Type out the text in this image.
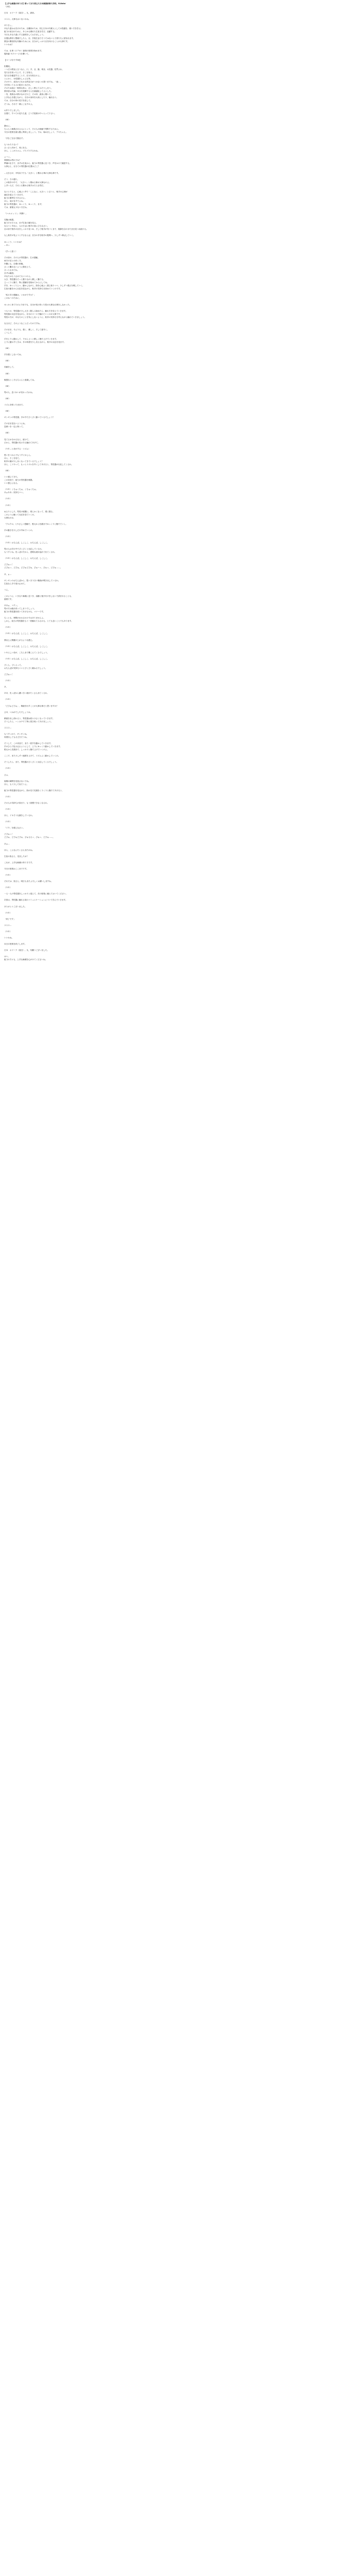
【上手な痴漢の奔り方】帰ってきた国立大日本痴漢研修大学校。R18dlu'
「予約」
日本　ホワーラ（架空）。丸、最終。
ススス。大事丸はいないわね。
ありきょ。
あなた達はお告げのため、全層西のため、同じ日本の代理人としての役割を、使い方を学ぶ。
組力の前目のために、あらゆる優れた生徒を学び、活躍する。
今日もあなた達にする説明をしておきましょう。
自慢な教材と整頓でしたら、目、学校生活でそうではないと子供たちに望まれます。
教室の開放的な実験のためには、自分がしっかり目を向けることが大事です。
いいわね？
では、仕事（ビデオ）説明の授業を始めます。
場所番 ＳＺページ1を開いて。
【ページ付ですSE】
松殿枕。
一つだけ教室に言うなら、口、手、目、脳、乗田、女性器、肛門ぶわ。
見た目を知った上で、そこを知る。
見た目を確認することで、自分を知るのよ。
とにかく、女性器をしゃぶる所。
そのやり、成功がどれか全然見当がつかないの思いますね。「意」。
分を知ってる人の総まとめだわ。
そのため組む一般的な形に、正しく教えてみたりしまう。
教育者は勿論、本分を発揮する人を最適化して人とした。
一気、貴族なの情けなのだけど、その体、最高に聞いて。
上手な心を感じながら、自分の身体を大切にしたり、触れ合う。
では、自分の体の見方を話して。
そうね、それで一緒にこなすのよ。
お作りでしました。
自慢で、すべての見たち達、どうぞ授業の中へ入って下さい。
（SE）
静かに。
ちゃんと痴漢される人にとって、その人の価値で判断するために。
今日の授業を最大限に利用しましょう。では、始めましょう、アキちゃん。
「手をご自分で掴ます」
もうわたりない？
さっさと決めて、用に出る。
ほら、ここがスルよ。ブスブスするわね。
よーい。
乗務員は男の子ね？
準備の仕方で、まずは生徒から、組力の男性器に近づき、声をかけて確認する。
大事さん、目当ての男性器の位置はどこ？
…大きさが、平均以下でも「大きい」と褒める事が大事な事です。
そう、その通り。
この相手の中で、「大きい」と褒める事が大事なのよ。
上手い人だ、それとも褒める相手はそんな男だ。
な々とでると、心地よい声で「こんなに、大きい」と言うと、相手の心理が
満足を覚えていきます。
組力の優秀生であるのよ。
ほら、前がまずでよね。
組力の男性器が、ゆっくり、ゆっくり、まず。
では、最後も少ない方だね。
「（ヘルメット）」（判断）。
変態は極悪。
組力その方々は、まず生徒の顔を見る。
なるべく早めに、人のそばに相手の前に立ちなさい。
目の前で相手の目をしっかり見つめ、そして相手が気づくまで、視線を合わせたまま見つめ続ける。
もし相手が見ようとするならば、自分の手を相手の股間へ、少しずつ伸ばしていく。
ゆっくり、いいわね？
…あっ
（ぎっと揺く）
その前の、その人の男性器の、生の感触。
両方の足との向く方。
内側にも、自慢の体験。
さっと離れないように掴まえて。
さっと止めてね。
まずは確認。
あなたはもう止めてもいいのよ。
大き、男性器をそっと握りながら優しく撫でる。
じっくりと撫で、特に感触を見極めてからにしてね。
手を、ゆっくり上へ、動かしながら、指を心地よく感じ取りつつ、少しずつ強さを増していく。
生徒の動きから反応を見ながら、相手の気持ちを高めていくのです。
「私の手の感触は、いかがですか？」
このねーのために、
せっかく来てたのに今までも、自分が受け持った役の大事な仕事をしなかった。
うもうの、男性器が少し大きく膨らみ始めたら、触れ方を変えていきます。
男性器の反応を見ながら、自分のペースで触れていくのが大事です。
男性の方が、あなたのことを気にしないように、相手の気持ちを考えながら触れていきましょう。
なるほど、そのようなことだったのですね。
そのまま、今よりも、強く、優しく、そして素早く。
こうして、
手を上下に動かして、下から上へと優しく撫で上げていきます。
上下に動かすときは、手の角度を少し変えながら、相手の反応を見ます。
（SE）
手を強くしないでね。
（SE）
同値をして。
（SE）
敏感なところもちゃんと意識してね。
（SE）
男の人、息づかいが変わったわね。
（SE）
リズムを保ったままで。
（SE）
ギンギンの男性器、手の中でびくびく動いているでしょう？
そのまま見ないようにね。
息使いを一定に保って。
（SE）
見てるか分かるなら、続けて。
だから、男性器の先の方も触れてあげて。
（ＳＥ…と音がする・リズム）
思いをつかんでもうすぐかしら。
ほら、そこを見て。
相手の顔が少し赤くなってきているでしょう？
ほら、こうやって、もっとリズムを早くしてあげると、男性器が反応してくるわ。
（SE）
いい感じてきた。
この状況で、組力の男性器を刺激。
いい感じになる。
（ＳＥ）くちゅくちゅ、くちゅくちゅ。
あぁああ…気持ちいい。
（ＳＥ）
（ＳＥ）
ぬるりとした、男性の粘膜に、柔らかくなって、強く握る。
このように触って反応を見ていくの。
大事なのは、
「クルクル」とやさしい感触で、根元から先端までゆっくりと撫でていく。
手の動きを少しだけ早めていくの。
（ＳＥ）
（ＳＥ）おちんぽ。しこしこ、おちんぽ。しこしこ。
男の人は手の中でびくびくと反応しているわ。
もうすぐね。先っぽの方から、透明な液が溢れて出てくるわ。
（ＳＥ）おちんぽ。しこしこ、おちんぽ、しこしこ。
どぴゅっ！
どぴゅっ、どぴゅ。どぴゅどぴゅ、びゅーっ、びゅっ、どぴゅ……。
あ、ぁ…
ギンギンのおちんぽから、思いきり白い精液が噴き出しているわ。
生徒なら手で受け止めて。
うん。
このように、いきなり痴漢に近づき、前戯と後片付けをしないで済ませることも、
重要です。
ああぁ、コクン。
男の方は疲れ切ってしまうでしょう。
組力の男性器を拭いてあげるのも、マナーです。
ちっとも、時間がかかるわけではありませんよ。
しかし、組力の男性器をもう一度触れてみるのも、とても良いことでもあります。
（ＳＥ）
（ＳＥ）おちんぽ。しこしこ、おちんぽ、しこしこ。
僕以上に興奮が上がるような感じ。
（ＳＥ）おちんぽ。しこしこ、おちんぽ。しこしこ。
いやらしい音が、こちらまで聞こえてくるでしょう。
（ＳＥ）おちんぽ。しこしこ、おちんぽ。しこしこ。
ぴくん、ぴくんって。
おちんぽが気持ちいいとぴくぴく跳ねるでしょう。
どぴゅっ！
（ＳＥ）
あ、
ああ、先っぽから濃い白い液がたくさん出てくるわ。
（ＳＥ）
「どぴゅどぴゅ」、精液を出すことが大事な事だと思いますか？
さあ、いかがでしたでしょうか。
精液を出し終わると、男性器は段々小さくなっていきます。
そうしたら、ハンカチで丁寧に拭き取ってあげましょう。
ススス…
もうすっかり、ギンギンね。
何度出しても大丈夫そうね。
そうして、この状況で、また一度手を動かしていきます。
手のひらで包み込むようにして、上下にゆっくり動かしていきます。
根元から先端まで、しっかりと撫で上げていくのよ。
ここで、また少しずつ速度を上げて、リズムよく動かしていくの。
そうしたら、また、男性器がびくびくと反応してくるでしょう。
（ＳＥ）
さぁ、
射精の瞬間を見逃さないでね。
ほら、もう少しで出そうよ。
組力の男性器を見ながら、指の先で先端をくりくりと撫でてあげると、
（ＳＥ）
その人の気持ちが高まり、もう我慢できなくなるわ。
（ＳＥ）
ほら、イキそうな顔をしているわ。
（ＳＥ）
「イク」を感じなさい。
どぴゅっ！
どぴゅ、どぴゅどぴゅ、びゅるるっ、びゅっ、どぴゅ……。
あぁ…
ほら、こんなにたくさん出たわね。
生徒の皆さん、見ましたか？
これが、上手な痴漢の奔り方です。
今日の授業はここまでです。
（ＳＥ）
それでは、皆さん、明日もまたよろしくお願いしますね。
（ＳＥ）
一人一人の男性器をしっかりと覚えて、次の授業に備えておいてください。
次回は、男性器に触れる前のコミュニケーションについて学んでいきます。
ありがとうございました。
（ＳＥ）
「終了です」
ススス…
（ＳＥ）
いいわね。
本日の授業を終了します。
日本　ホワーラ（架空）。丸、有難うございました。
はい。
組力の方々も、上手な痴漢を心がけてくださいね。
